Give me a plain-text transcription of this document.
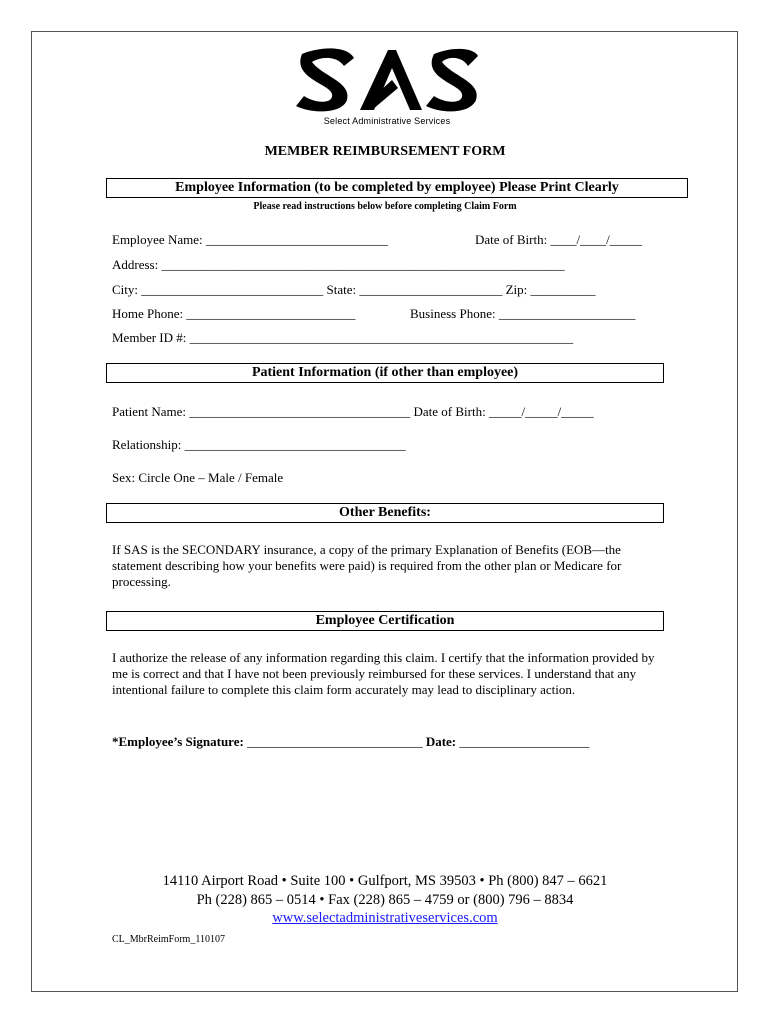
Select Administrative Services
MEMBER REIMBURSEMENT FORM
Employee Information (to be completed by employee) Please Print Clearly
Please read instructions below before completing Claim Form
Employee Name: ____________________________	Date of Birth: ____/____/_____
Address: ______________________________________________________________
City: ____________________________ State: ______________________ Zip: __________
Home Phone: __________________________	Business Phone: _____________________
Member ID #: ___________________________________________________________
Patient Information (if other than employee)
Patient Name: __________________________________ Date of Birth: _____/_____/_____
Relationship: __________________________________
Sex: Circle One – Male / Female
Other Benefits:
If SAS is the SECONDARY insurance, a copy of the primary Explanation of Benefits (EOB—the statement describing how your benefits were paid) is required from the other plan or Medicare for processing.
Employee Certification
I authorize the release of any information regarding this claim. I certify that the information provided by me is correct and that I have not been previously reimbursed for these services. I understand that any intentional failure to complete this claim form accurately may lead to disciplinary action.
*Employee’s Signature: ___________________________ Date: ____________________
14110 Airport Road • Suite 100 • Gulfport, MS 39503 • Ph (800) 847 – 6621
Ph (228) 865 – 0514 • Fax (228) 865 – 4759 or (800) 796 – 8834
www.selectadministrativeservices.com
CL_MbrReimForm_110107
